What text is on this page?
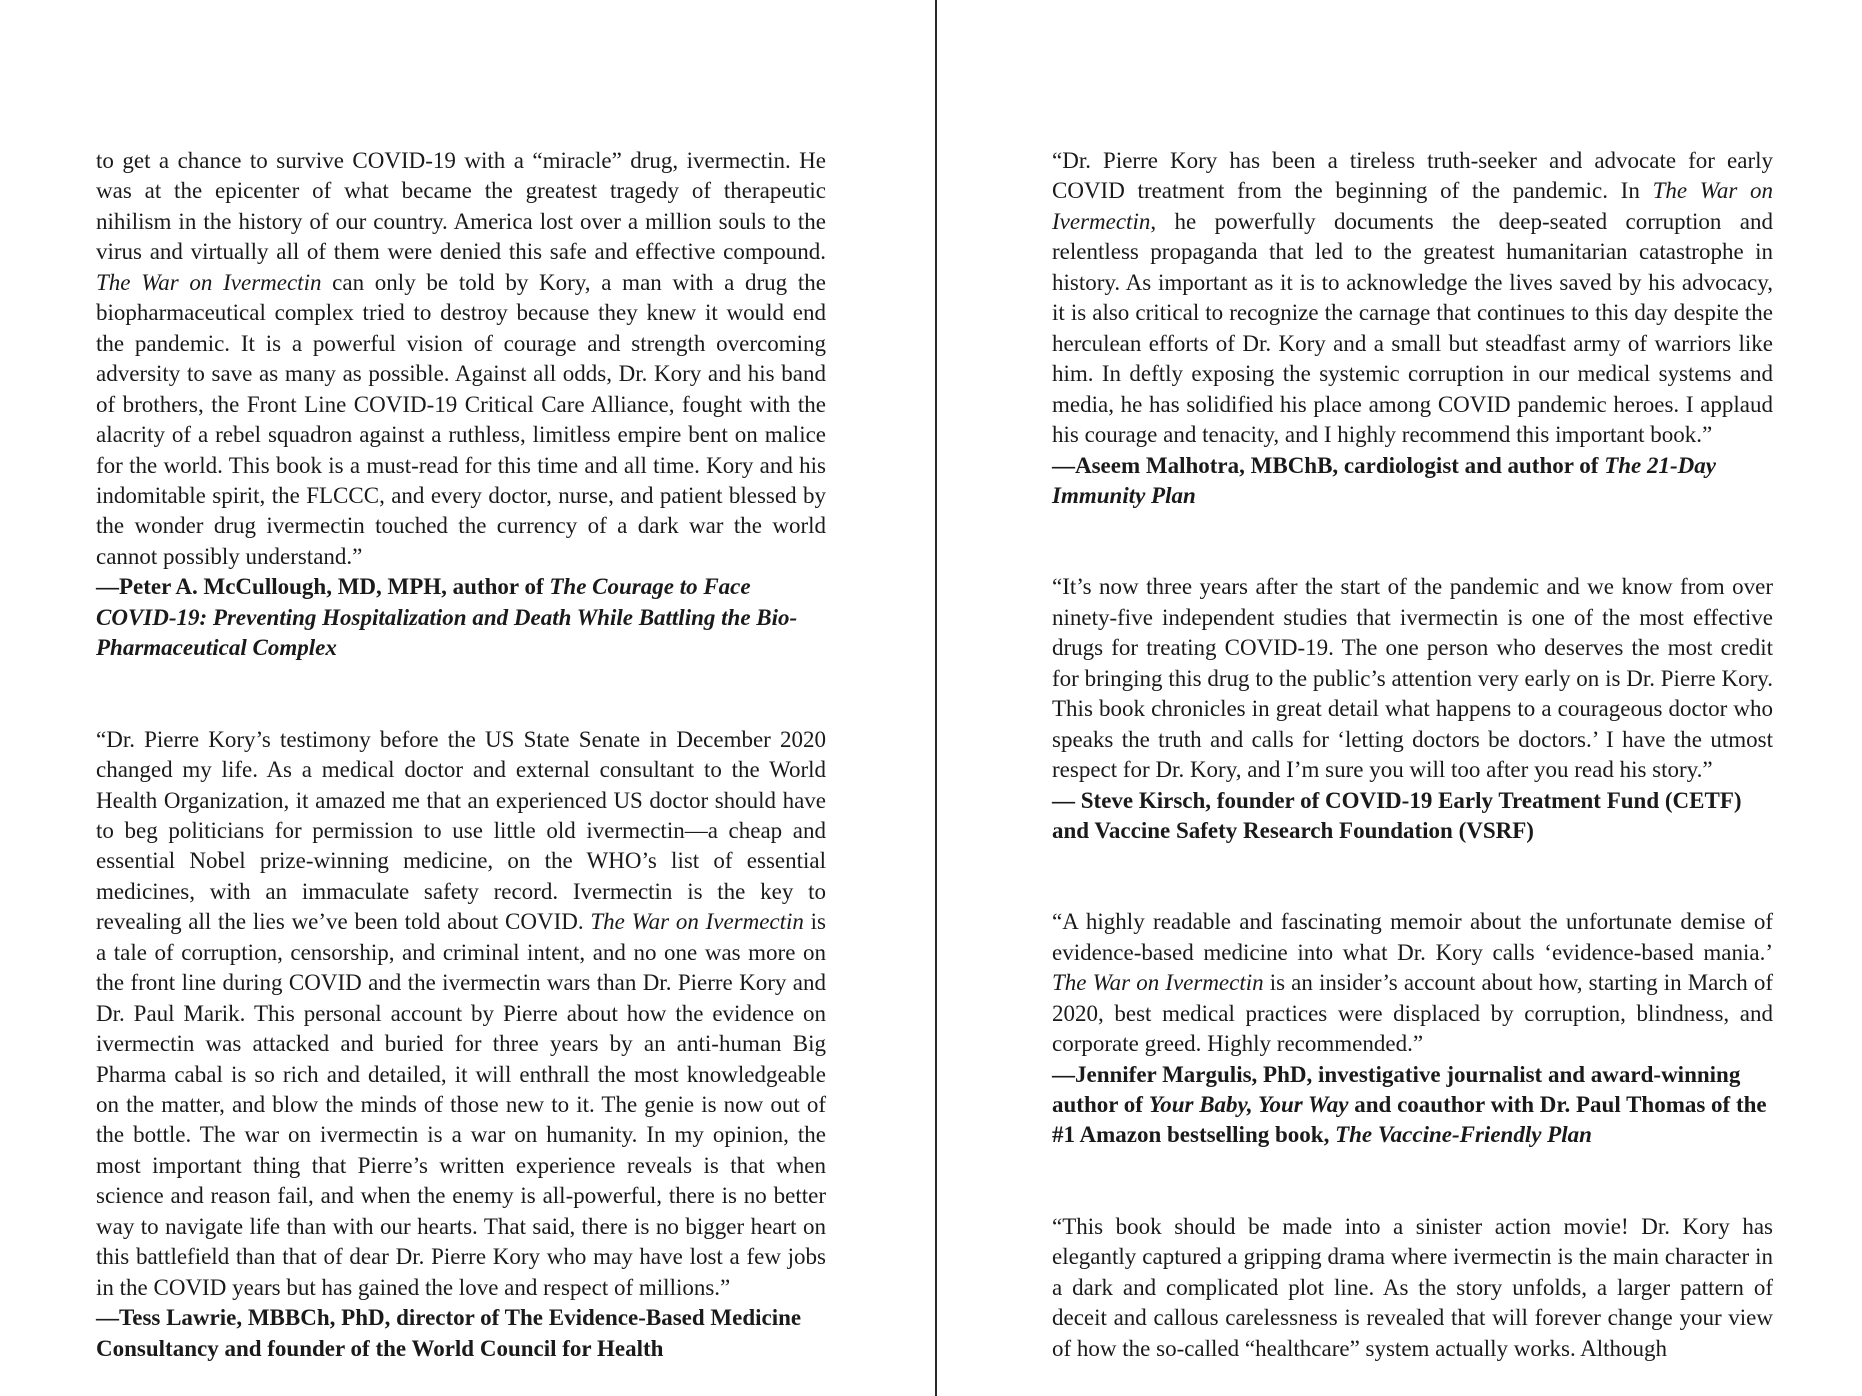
to get a chance to survive COVID-19 with a “miracle” drug, ivermectin. He was at the epicenter of what became the greatest tragedy of therapeutic nihilism in the history of our country. America lost over a million souls to the virus and virtually all of them were denied this safe and effective compound. The War on Ivermectin can only be told by Kory, a man with a drug the biopharmaceutical complex tried to destroy because they knew it would end the pandemic. It is a powerful vision of courage and strength overcoming adversity to save as many as possible. Against all odds, Dr. Kory and his band of brothers, the Front Line COVID-19 Critical Care Alliance, fought with the alacrity of a rebel squadron against a ruthless, limitless empire bent on malice for the world. This book is a must-read for this time and all time. Kory and his indomitable spirit, the FLCCC, and every doctor, nurse, and patient blessed by the wonder drug ivermectin touched the currency of a dark war the world cannot possibly understand.”

—Peter A. McCullough, MD, MPH, author of The Courage to Face COVID-19: Preventing Hospitalization and Death While Battling the Bio-Pharmaceutical Complex

“Dr. Pierre Kory’s testimony before the US State Senate in December 2020 changed my life. As a medical doctor and external consultant to the World Health Organization, it amazed me that an experienced US doctor should have to beg politicians for permission to use little old ivermectin—a cheap and essential Nobel prize-winning medicine, on the WHO’s list of essential medicines, with an immaculate safety record. Ivermectin is the key to revealing all the lies we’ve been told about COVID. The War on Ivermectin is a tale of corruption, censorship, and criminal intent, and no one was more on the front line during COVID and the ivermectin wars than Dr. Pierre Kory and Dr. Paul Marik. This personal account by Pierre about how the evidence on ivermectin was attacked and buried for three years by an anti-human Big Pharma cabal is so rich and detailed, it will enthrall the most knowledgeable on the matter, and blow the minds of those new to it. The genie is now out of the bottle. The war on ivermectin is a war on humanity. In my opinion, the most important thing that Pierre’s written experience reveals is that when science and reason fail, and when the enemy is all-powerful, there is no better way to navigate life than with our hearts. That said, there is no bigger heart on this battlefield than that of dear Dr. Pierre Kory who may have lost a few jobs in the COVID years but has gained the love and respect of millions.”

—Tess Lawrie, MBBCh, PhD, director of The Evidence-Based Medicine Consultancy and founder of the World Council for Health

“Dr. Pierre Kory has been a tireless truth-seeker and advocate for early COVID treatment from the beginning of the pandemic. In The War on Ivermectin, he powerfully documents the deep-seated corruption and relentless propaganda that led to the greatest humanitarian catastrophe in history. As important as it is to acknowledge the lives saved by his advocacy, it is also critical to recognize the carnage that continues to this day despite the herculean efforts of Dr. Kory and a small but steadfast army of warriors like him. In deftly exposing the systemic corruption in our medical systems and media, he has solidified his place among COVID pandemic heroes. I applaud his courage and tenacity, and I highly recommend this important book.”

—Aseem Malhotra, MBChB, cardiologist and author of The 21-Day Immunity Plan

“It’s now three years after the start of the pandemic and we know from over ninety-five independent studies that ivermectin is one of the most effective drugs for treating COVID-19. The one person who deserves the most credit for bringing this drug to the public’s attention very early on is Dr. Pierre Kory. This book chronicles in great detail what happens to a courageous doctor who speaks the truth and calls for ‘letting doctors be doctors.’ I have the utmost respect for Dr. Kory, and I’m sure you will too after you read his story.”

— Steve Kirsch, founder of COVID-19 Early Treatment Fund (CETF) and Vaccine Safety Research Foundation (VSRF)

“A highly readable and fascinating memoir about the unfortunate demise of evidence-based medicine into what Dr. Kory calls ‘evidence-based mania.’ The War on Ivermectin is an insider’s account about how, starting in March of 2020, best medical practices were displaced by corruption, blindness, and corporate greed. Highly recommended.”

—Jennifer Margulis, PhD, investigative journalist and award-winning author of Your Baby, Your Way and coauthor with Dr. Paul Thomas of the #1 Amazon bestselling book, The Vaccine-Friendly Plan

“This book should be made into a sinister action movie! Dr. Kory has elegantly captured a gripping drama where ivermectin is the main character in a dark and complicated plot line. As the story unfolds, a larger pattern of deceit and callous carelessness is revealed that will forever change your view of how the so-called “healthcare” system actually works. Although
